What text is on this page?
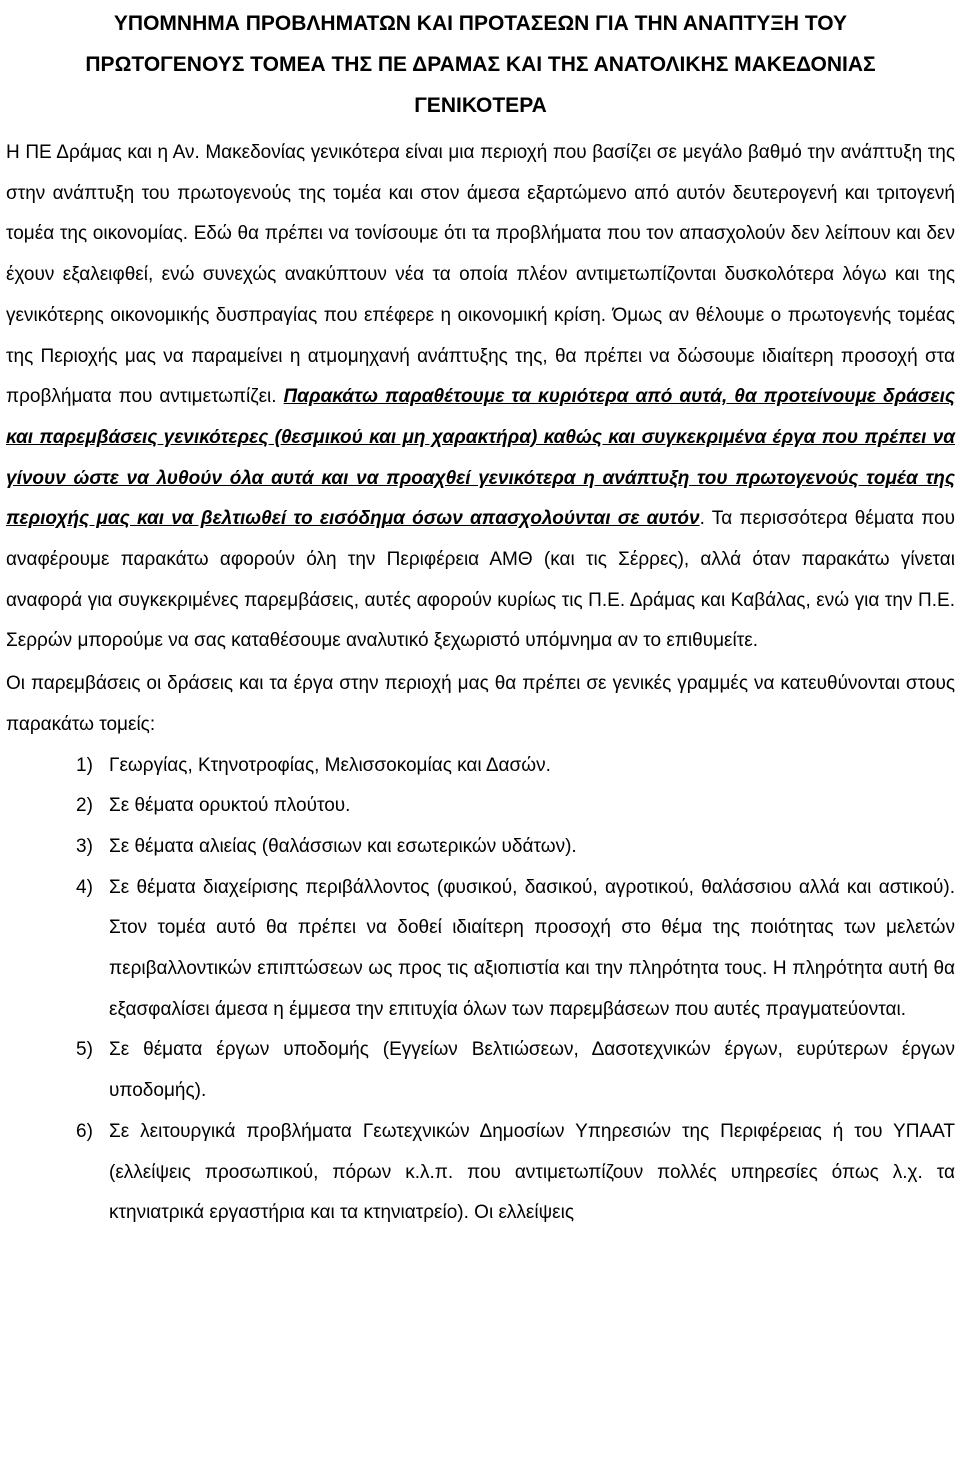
ΥΠΟΜΝΗΜΑ ΠΡΟΒΛΗΜΑΤΩΝ ΚΑΙ ΠΡΟΤΑΣΕΩΝ ΓΙΑ ΤΗΝ ΑΝΑΠΤΥΞΗ ΤΟΥ
ΠΡΩΤΟΓΕΝΟΥΣ ΤΟΜΕΑ ΤΗΣ ΠΕ ΔΡΑΜΑΣ ΚΑΙ ΤΗΣ ΑΝΑΤΟΛΙΚΗΣ ΜΑΚΕΔΟΝΙΑΣ
ΓΕΝΙΚΟΤΕΡΑ

Η ΠΕ Δράμας και η Αν. Μακεδονίας γενικότερα είναι μια περιοχή που βασίζει σε μεγάλο βαθμό την ανάπτυξη της στην ανάπτυξη του πρωτογενούς της τομέα και στον άμεσα εξαρτώμενο από αυτόν δευτερογενή και τριτογενή τομέα της οικονομίας. Εδώ θα πρέπει να τονίσουμε ότι τα προβλήματα που τον απασχολούν δεν λείπουν και δεν έχουν εξαλειφθεί, ενώ συνεχώς ανακύπτουν νέα τα οποία πλέον αντιμετωπίζονται δυσκολότερα λόγω και της γενικότερης οικονομικής δυσπραγίας που επέφερε η οικονομική κρίση. Όμως αν θέλουμε ο πρωτογενής τομέας της Περιοχής μας να παραμείνει η ατμομηχανή ανάπτυξης της, θα πρέπει να δώσουμε ιδιαίτερη προσοχή στα προβλήματα που αντιμετωπίζει. Παρακάτω παραθέτουμε τα κυριότερα από αυτά, θα προτείνουμε δράσεις και παρεμβάσεις γενικότερες (θεσμικού και μη χαρακτήρα) καθώς και συγκεκριμένα έργα που πρέπει να γίνουν ώστε να λυθούν όλα αυτά και να προαχθεί γενικότερα η ανάπτυξη του πρωτογενούς τομέα της περιοχής μας και να βελτιωθεί το εισόδημα όσων απασχολούνται σε αυτόν. Τα περισσότερα θέματα που αναφέρουμε παρακάτω αφορούν όλη την Περιφέρεια ΑΜΘ (και τις Σέρρες), αλλά όταν παρακάτω γίνεται αναφορά για συγκεκριμένες παρεμβάσεις, αυτές αφορούν κυρίως τις Π.Ε. Δράμας και Καβάλας, ενώ για την Π.Ε. Σερρών μπορούμε να σας καταθέσουμε αναλυτικό ξεχωριστό υπόμνημα αν το επιθυμείτε.

Οι παρεμβάσεις οι δράσεις και τα έργα στην περιοχή μας θα πρέπει σε γενικές γραμμές να κατευθύνονται στους παρακάτω τομείς:

1) Γεωργίας, Κτηνοτροφίας, Μελισσοκομίας και Δασών.
2) Σε θέματα ορυκτού πλούτου.
3) Σε θέματα αλιείας (θαλάσσιων και εσωτερικών υδάτων).
4) Σε θέματα διαχείρισης περιβάλλοντος (φυσικού, δασικού, αγροτικού, θαλάσσιου αλλά και αστικού). Στον τομέα αυτό θα πρέπει να δοθεί ιδιαίτερη προσοχή στο θέμα της ποιότητας των μελετών περιβαλλοντικών επιπτώσεων ως προς τις αξιοπιστία και την πληρότητα τους. Η πληρότητα αυτή θα εξασφαλίσει άμεσα η έμμεσα την επιτυχία όλων των παρεμβάσεων που αυτές πραγματεύονται.
5) Σε θέματα έργων υποδομής (Εγγείων Βελτιώσεων, Δασοτεχνικών έργων, ευρύτερων έργων υποδομής).
6) Σε λειτουργικά προβλήματα Γεωτεχνικών Δημοσίων Υπηρεσιών της Περιφέρειας ή του ΥΠΑΑΤ (ελλείψεις προσωπικού, πόρων κ.λ.π. που αντιμετωπίζουν πολλές υπηρεσίες όπως λ.χ. τα κτηνιατρικά εργαστήρια και τα κτηνιατρείο). Οι ελλείψεις
